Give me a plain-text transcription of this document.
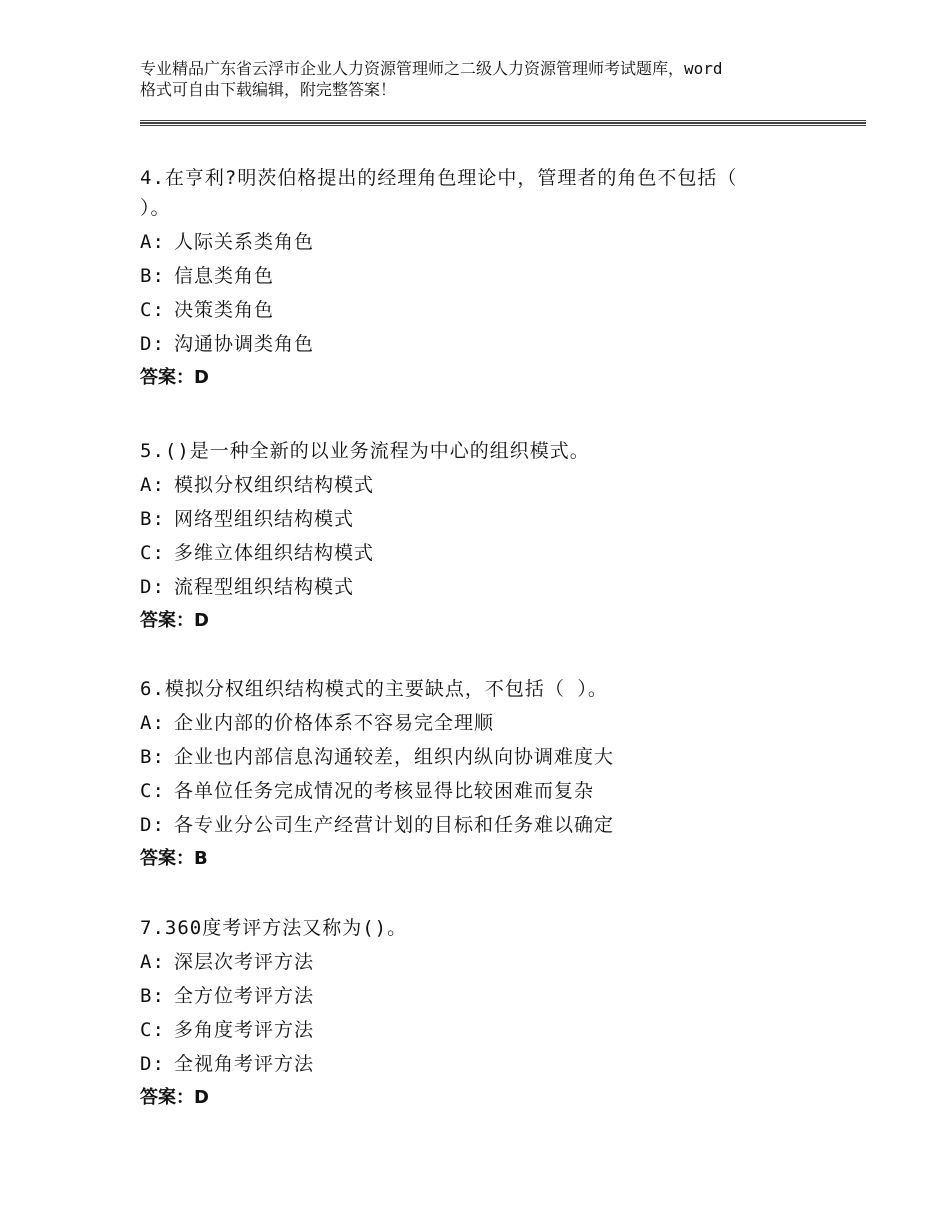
专业精品广东省云浮市企业人力资源管理师之二级人力资源管理师考试题库，word
格式可自由下载编辑，附完整答案！
4.在亨利?明茨伯格提出的经理角色理论中，管理者的角色不包括（
）。
A: 人际关系类角色
B: 信息类角色
C: 决策类角色
D: 沟通协调类角色
答案：D
5.()是一种全新的以业务流程为中心的组织模式。
A: 模拟分权组织结构模式
B: 网络型组织结构模式
C: 多维立体组织结构模式
D: 流程型组织结构模式
答案：D
6.模拟分权组织结构模式的主要缺点，不包括（ ）。
A: 企业内部的价格体系不容易完全理顺
B: 企业也内部信息沟通较差，组织内纵向协调难度大
C: 各单位任务完成情况的考核显得比较困难而复杂
D: 各专业分公司生产经营计划的目标和任务难以确定
答案：B
7.360度考评方法又称为()。
A: 深层次考评方法
B: 全方位考评方法
C: 多角度考评方法
D: 全视角考评方法
答案：D
